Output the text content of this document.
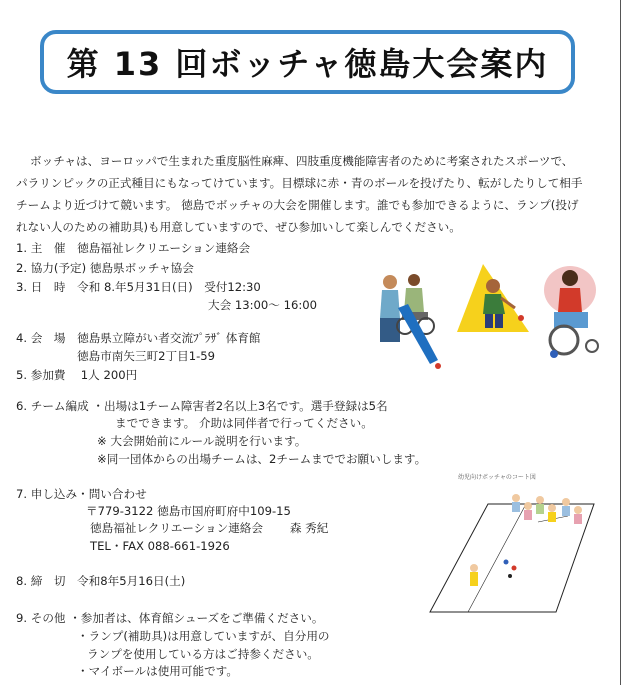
第 13 回ボッチャ徳島大会案内

ボッチャは、ヨーロッパで生まれた重度脳性麻痺、四肢重度機能障害者のために考案されたスポーツで、

パラリンピックの正式種目にもなってけています。目標球に赤・青のボールを投げたり、転がしたりして相手

チームより近づけて競います。 徳島でボッチャの大会を開催します。誰でも参加できるように、ランプ(投げ

れない人のための補助具)も用意していますので、ぜひ参加いして楽しんでください。

1. 主　催　徳島福祉レクリエーション連絡会
2. 協力(予定) 徳島県ボッチャ協会
3. 日　時　令和 8.年5月31日(日)　受付12:30
大会 13:00～ 16:00
4. 会　場　徳島県立障がい者交流ﾌﾟﾗｻﾞ 体育館
徳島市南矢三町2丁目1-59
5. 参加費　 1人 200円
6. チーム編成 ・出場は1チーム障害者2名以上3名です。選手登録は5名
までできます。 介助は同伴者で行ってください。
※ 大会開始前にルール説明を行います。
※同一団体からの出場チームは、2チームまででお願いします。
7. 申し込み・問い合わせ
〒779-3122 徳島市国府町府中109-15
徳島福祉レクリエーション連絡会　　 森 秀紀
TEL・FAX 088-661-1926
8. 締　切　令和8年5月16日(土)
9. その他 ・参加者は、体育館シューズをご準備ください。
・ランプ(補助具)は用意していますが、自分用の
ランプを使用している方はご持参ください。
・マイボールは使用可能です。
幼児向けボッチャのコート図
